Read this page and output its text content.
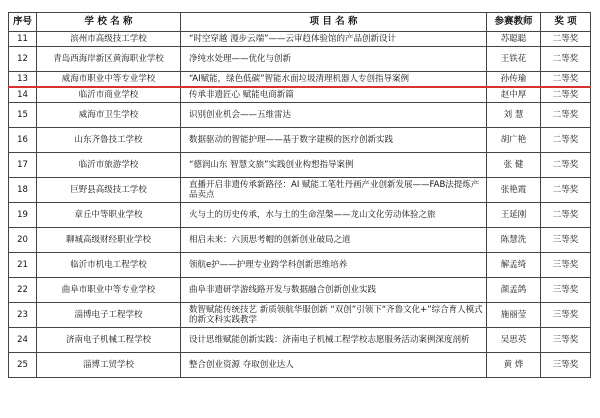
序号	学 校 名 称	项 目 名 称	参赛教师	奖 项
11	滨州市高级技工学校	“时空穿越 漫步云端”——云审趋体验馆的产品创新设计	苏聪聪	二等奖
12	青岛西海岸新区黄海职业学校	净纯水处理——优化与创新	王铁花	二等奖
13	威海市职业中等专业学校	“AI赋能，绿色低碳”智能水面垃圾清理机器人专创指导案例	孙传瑜	二等奖
14	临沂市商业学校	传承非遗匠心 赋能电商新篇	赵中厚	二等奖
15	威海市卫生学校	识别创业机会——五维雷达	刘 慧	二等奖
16	山东齐鲁技工学校	数据驱动的智能护理——基于数字建模的医疗创新实践	胡广艳	二等奖
17	临沂市旅游学校	“德润山东 智慧文旅”实践创业构想指导案例	张 健	二等奖
18	巨野县高级技工学校	直播开启非遗传承新路径：AI 赋能工笔牡丹画产业创新发展——FAB法提炼产品卖点	张艳霞	二等奖
19	章丘中等职业学校	火与土的历史传承，水与土的生命涅槃——龙山文化劳动体验之旅	王延刚	二等奖
20	聊城高级财经职业学校	相启未来：六顶思考帽的创新创业破局之道	陈慧洗	三等奖
21	临沂市机电工程学校	领航e护——护理专业跨学科创新思维培养	解孟绮	三等奖
22	曲阜市职业中等专业学校	曲阜非遗研学游线路开发与数据融合创新创业实践	颜孟鸽	三等奖
23	淄博电子工程学校	数智赋能传统技艺 新质领航华服创新 “双创”引领下“齐鲁文化+”综合育人模式的新文科实践教学	施丽莹	三等奖
24	济南电子机械工程学校	设计思维赋能创新实践：济南电子机械工程学校志愿服务活动案例深度剖析	吴思英	三等奖
25	淄博工贸学校	整合创业资源 夺取创业达人	黄 烨	三等奖
